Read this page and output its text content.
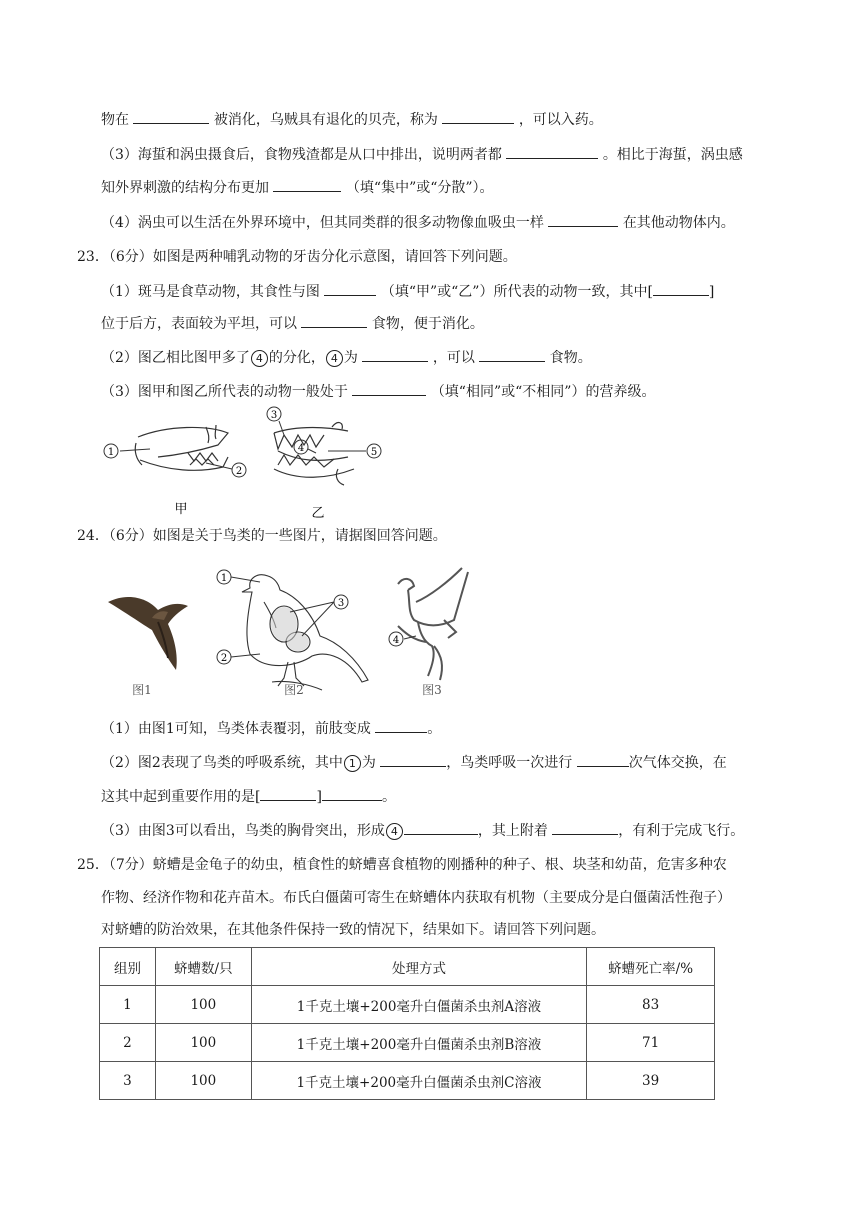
物在	被消化，乌贼具有退化的贝壳，称为	，可以入药。
（3）海蜇和涡虫摄食后，食物残渣都是从口中排出，说明两者都	。相比于海蜇，涡虫感
知外界刺激的结构分布更加	（填“集中”或“分散”）。
（4）涡虫可以生活在外界环境中，但其同类群的很多动物像血吸虫一样	在其他动物体内。
23．（6分）如图是两种哺乳动物的牙齿分化示意图，请回答下列问题。
（1）斑马是食草动物，其食性与图	（填“甲”或“乙”）所代表的动物一致，其中[	]
位于后方，表面较为平坦，可以	食物，便于消化。
（2）图乙相比图甲多了 4 的分化， 4 为	，可以	食物。
（3）图甲和图乙所代表的动物一般处于	（填“相同”或“不相同”）的营养级。
1
2
甲
3
4	5
乙
24．（6分）如图是关于鸟类的一些图片，请据图回答问题。
图1
1
2
3
图2
4
图3
（1）由图1可知，鸟类体表覆羽，前肢变成	。
（2）图2表现了鸟类的呼吸系统，其中 1 为	，鸟类呼吸一次进行	次气体交换，在
这其中起到重要作用的是[	]	。
（3）由图3可以看出，鸟类的胸骨突出，形成 4	，其上附着	，有利于完成飞行。
25．（7分）蛴螬是金龟子的幼虫，植食性的蛴螬喜食植物的刚播种的种子、根、块茎和幼苗，危害多种农
作物、经济作物和花卉苗木。布氏白僵菌可寄生在蛴螬体内获取有机物（主要成分是白僵菌活性孢子）
对蛴螬的防治效果，在其他条件保持一致的情况下，结果如下。请回答下列问题。
组别	蛴螬数/只	处理方式	蛴螬死亡率/%
1	100	1千克土壤+200毫升白僵菌杀虫剂A溶液	83
2	100	1千克土壤+200毫升白僵菌杀虫剂B溶液	71
3	100	1千克土壤+200毫升白僵菌杀虫剂C溶液	39
